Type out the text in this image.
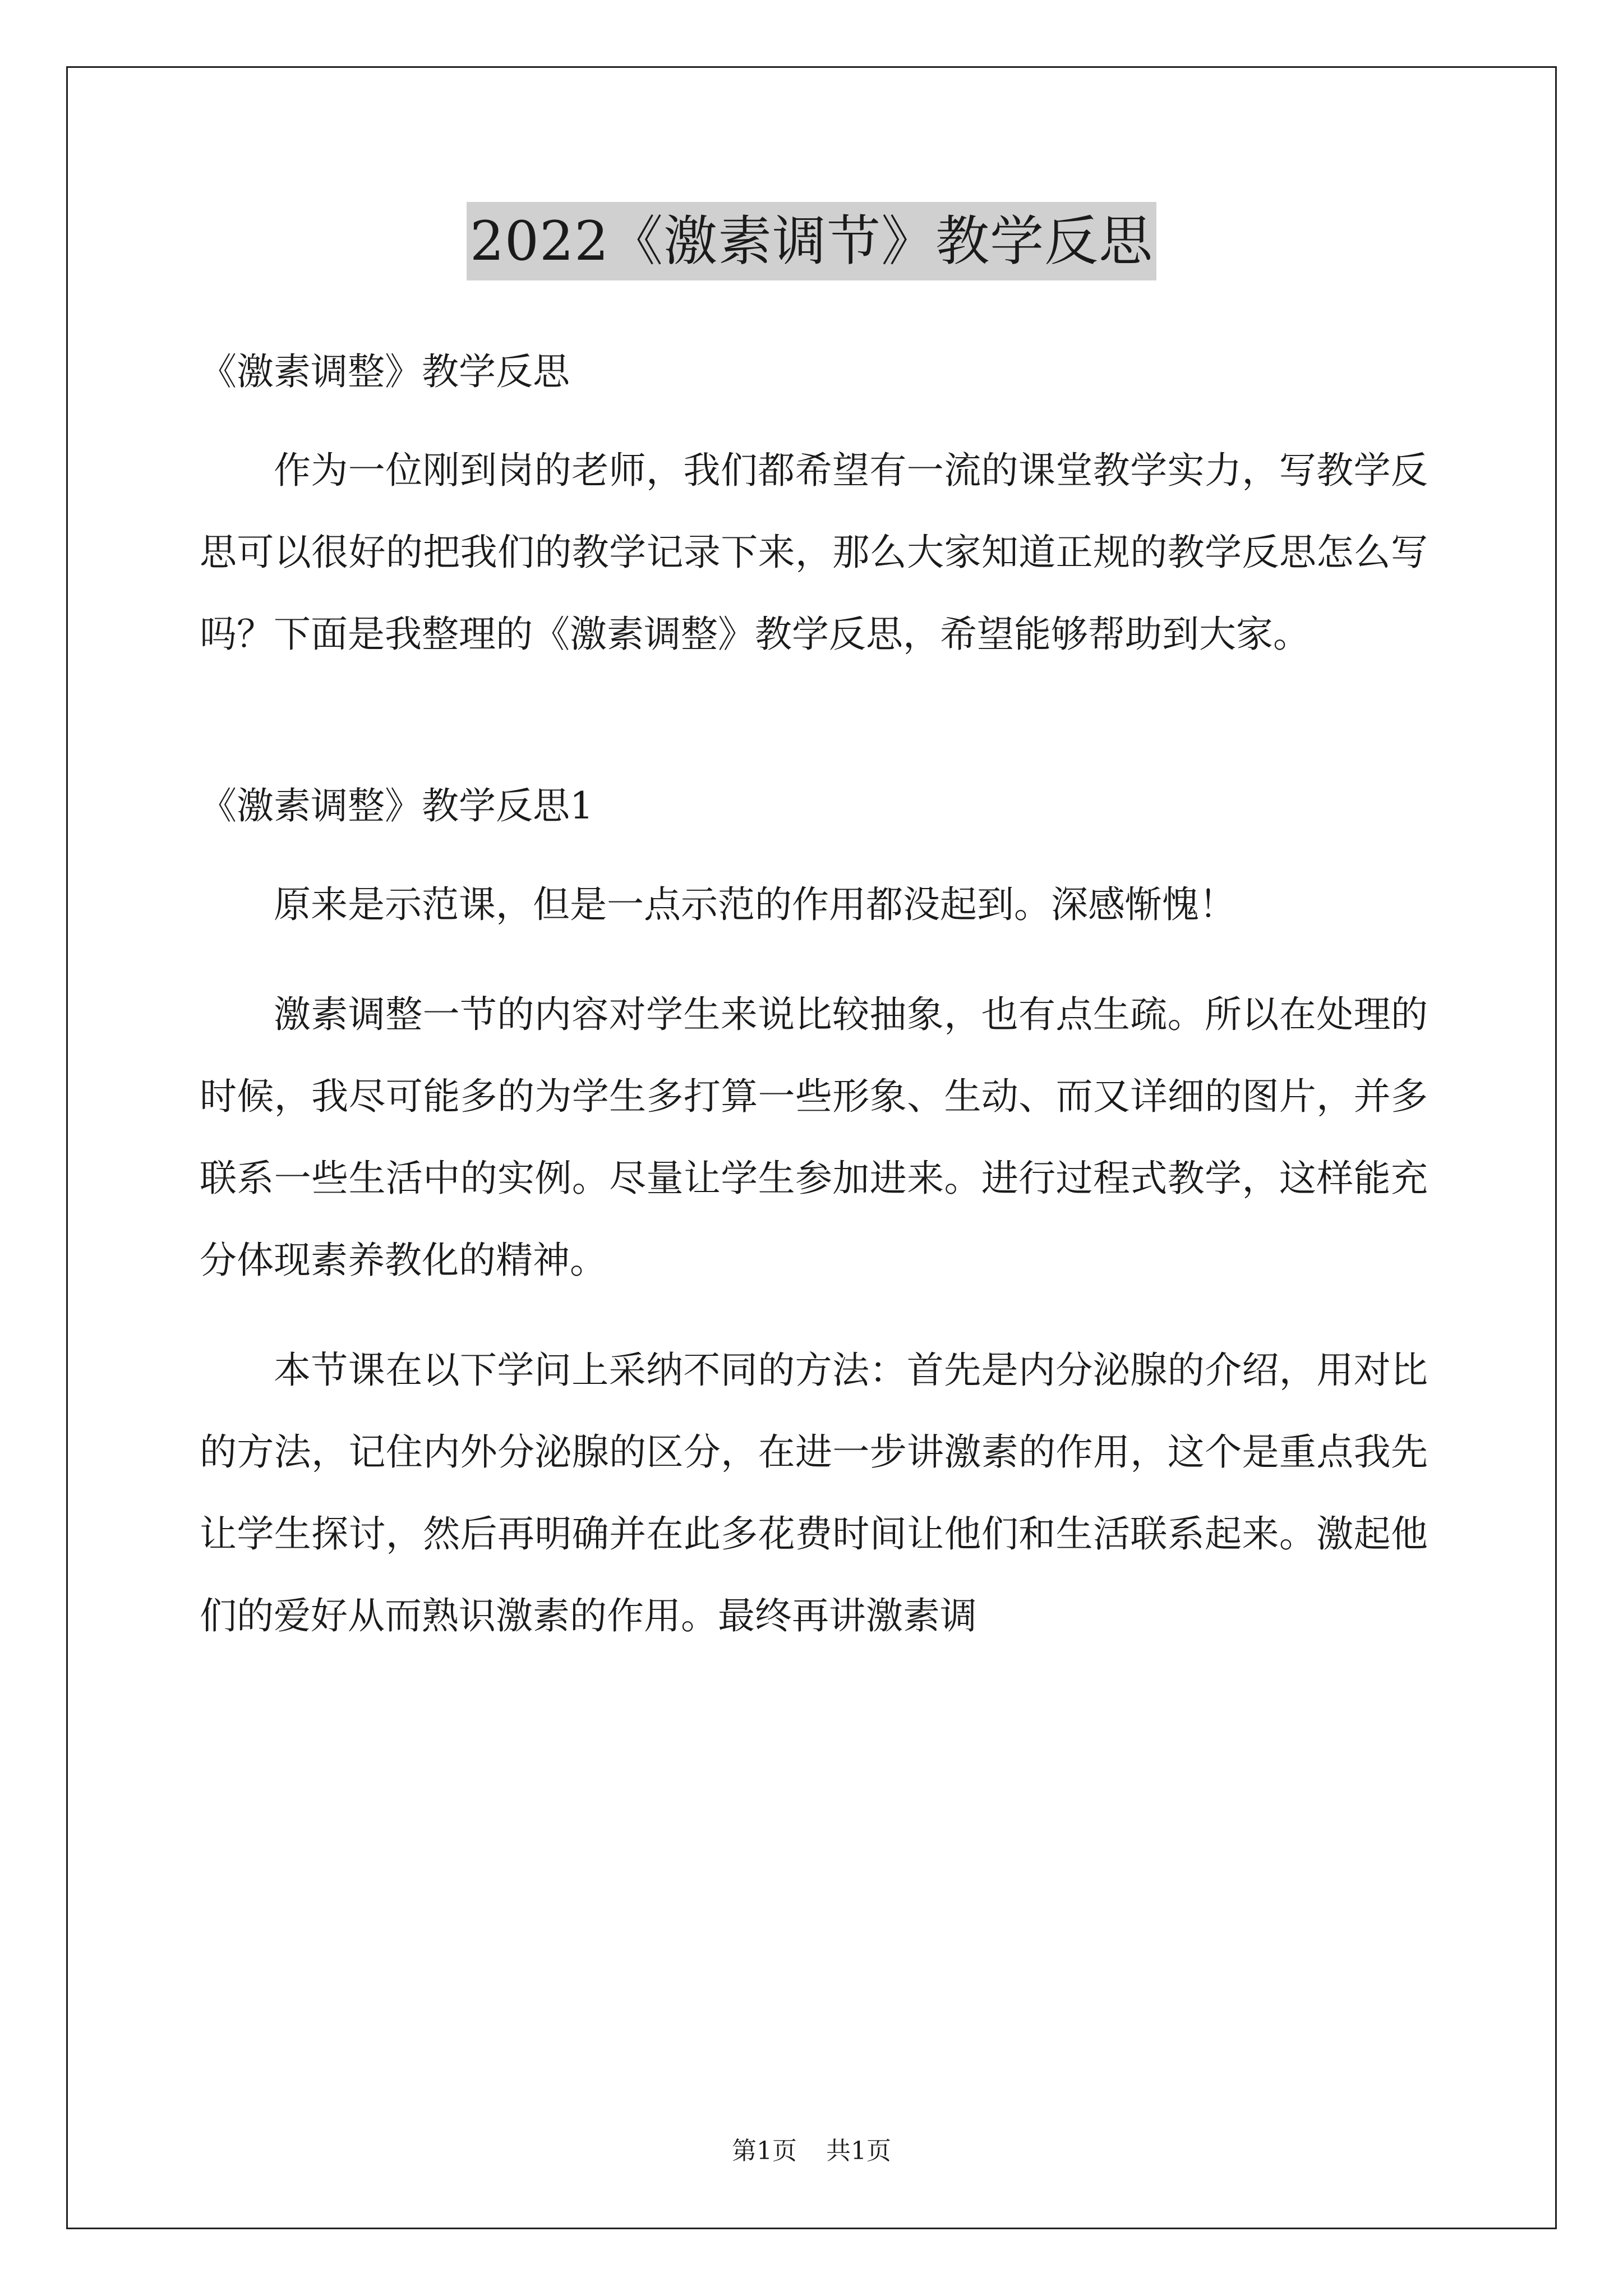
2022《激素调节》教学反思

《激素调整》教学反思

作为一位刚到岗的老师，我们都希望有一流的课堂教学实力，写教学反思可以很好的把我们的教学记录下来，那么大家知道正规的教学反思怎么写吗？下面是我整理的《激素调整》教学反思，希望能够帮助到大家。

《激素调整》教学反思1

原来是示范课，但是一点示范的作用都没起到。深感惭愧！

激素调整一节的内容对学生来说比较抽象，也有点生疏。所以在处理的时候，我尽可能多的为学生多打算一些形象、生动、而又详细的图片，并多联系一些生活中的实例。尽量让学生参加进来。进行过程式教学，这样能充分体现素养教化的精神。

本节课在以下学问上采纳不同的方法：首先是内分泌腺的介绍，用对比的方法，记住内外分泌腺的区分，在进一步讲激素的作用，这个是重点我先让学生探讨，然后再明确并在此多花费时间让他们和生活联系起来。激起他们的爱好从而熟识激素的作用。最终再讲激素调

第1页 共1页
